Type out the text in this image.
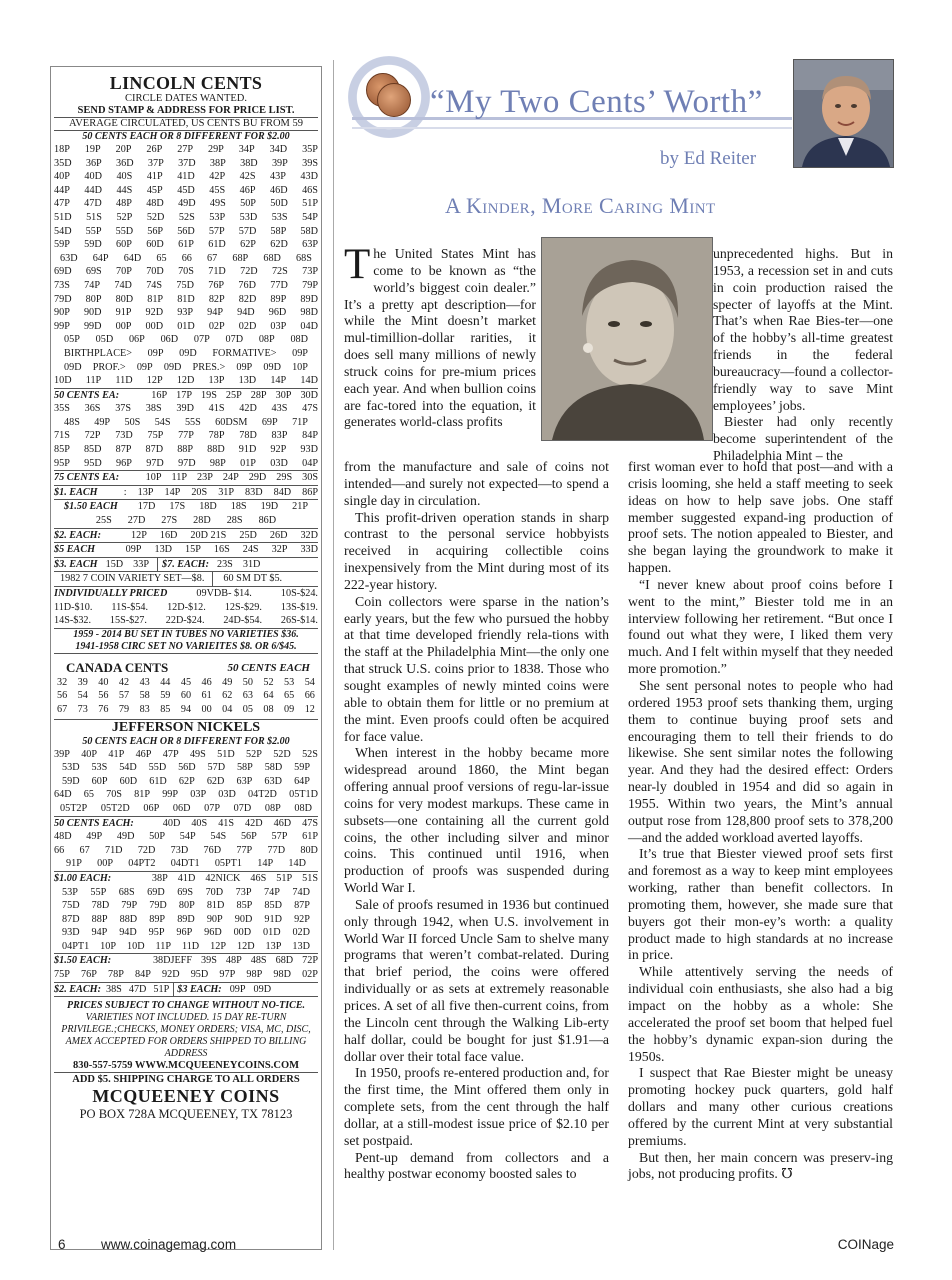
LINCOLN CENTS
CIRCLE DATES WANTED.
SEND STAMP & ADDRESS FOR PRICE LIST.
AVERAGE CIRCULATED, US CENTS BU FROM 59
50 CENTS EACH OR 8 DIFFERENT FOR $2.00
18P 19P 20P 26P 27P 29P 34P 34D 35P
35D 36P 36D 37P 37D 38P 38D 39P 39S
40P 40D 40S 41P 41D 42P 42S 43P 43D
44P 44D 44S 45P 45D 45S 46P 46D 46S
47P 47D 48P 48D 49D 49S 50P 50D 51P
51D 51S 52P 52D 52S 53P 53D 53S 54P
54D 55P 55D 56P 56D 57P 57D 58P 58D
59P 59D 60P 60D 61P 61D 62P 62D 63P
63D 64P 64D 65 66 67 68P 68D 68S
69D 69S 70P 70D 70S 71D 72D 72S 73P
73S 74P 74D 74S 75D 76P 76D 77D 79P
79D 80P 80D 81P 81D 82P 82D 89P 89D
90P 90D 91P 92D 93P 94P 94D 96D 98D
99P 99D 00P 00D 01D 02P 02D 03P 04D
05P 05D 06P 06D 07P 07D 08P 08D
BIRTHPLACE> 09P 09D FORMATIVE> 09P
09D PROF.> 09P 09D PRES.> 09P 09D 10P
10D 11P 11D 12P 12D 13P 13D 14P 14D
50 CENTS EA:	16P 17P 19S 25P 28P 30P 30D
35S 36S 37S 38S 39D 41S 42D 43S 47S
48S 49P 50S 54S 55S 60DSM 69P 71P
71S 72P 73D 75P 77P 78P 78D 83P 84P
85P 85D 87P 87D 88P 88D 91D 92P 93D
95P 95D 96P 97D 97D 98P 01P 03D 04P
75 CENTS EA:	10P 11P 23P 24P 29D 29S 30S
$1. EACH	: 13P 14P 20S 31P 83D 84D 86P
$1.50 EACH 17D 17S 18D 18S 19D 21P
25S 27D 27S 28D 28S 86D
$2. EACH:	12P 16D 20D 21S 25D 26D 32D
$5 EACH	09P 13D 15P 16S 24S 32P 33D
$3. EACH 15D 33P	$7. EACH: 23S 31D
1982 7 COIN VARIETY SET—$8.	60 SM DT $5.
INDIVIDUALLY PRICED	09VDB- $14.	10S-$24.
11D-$10. 11S-$54. 12D-$12. 12S-$29. 13S-$19.
14S-$32. 15S-$27. 22D-$24. 24D-$54. 26S-$14.
1959 - 2014 BU SET IN TUBES NO VARIETIES $36.
1941-1958 CIRC SET NO VARIEITES $8. OR 6/$45.
CANADA CENTS	50 CENTS EACH
32 39 40 42 43 44 45 46 49 50 52 53 54
56 54 56 57 58 59 60 61 62 63 64 65 66
67 73 76 79 83 85 94 00 04 05 08 09 12
JEFFERSON NICKELS
50 CENTS EACH OR 8 DIFFERENT FOR $2.00
39P 40P 41P 46P 47P 49S 51D 52P 52D 52S
53D 53S 54D 55D 56D 57D 58P 58D 59P
59D 60P 60D 61D 62P 62D 63P 63D 64P
64D 65 70S 81P 99P 03P 03D 04T2D 05T1D
05T2P 05T2D 06P 06D 07P 07D 08P 08D
50 CENTS EACH:	40D 40S 41S 42D 46D 47S
48D 49P 49D 50P 54P 54S 56P 57P 61P
66 67 71D 72D 73D 76D 77P 77D 80D
91P 00P 04PT2 04DT1 05PT1 14P 14D
$1.00 EACH:	38P 41D 42NICK 46S 51P 51S
53P 55P 68S 69D 69S 70D 73P 74P 74D
75D 78D 79P 79D 80P 81D 85P 85D 87P
87D 88P 88D 89P 89D 90P 90D 91D 92P
93D 94P 94D 95P 96P 96D 00D 01D 02D
04PT1 10P 10D 11P 11D 12P 12D 13P 13D
$1.50 EACH:	38DJEFF 39S 48P 48S 68D 72P
75P 76P 78P 84P 92D 95D 97P 98P 98D 02P
$2. EACH: 38S 47D 51P $3 EACH: 09P 09D
PRICES SUBJECT TO CHANGE WITHOUT NO-TICE. VARIETIES NOT INCLUDED. 15 DAY RE-TURN PRIVILEGE.;CHECKS, MONEY ORDERS; VISA, MC, DISC, AMEX ACCEPTED FOR ORDERS SHIPPED TO BILLING ADDRESS
830-557-5759 WWW.MCQUEENEYCOINS.COM
ADD $5. SHIPPING CHARGE TO ALL ORDERS
MCQUEENEY COINS
PO BOX 728A MCQUEENEY, TX 78123
“My Two Cents’ Worth”
by Ed Reiter
A Kinder, More Caring Mint

The United States Mint has come to be known as “the world’s biggest coin dealer.” It’s a pretty apt description—for while the Mint doesn’t market mul-timillion-dollar rarities, it does sell many millions of newly struck coins for pre-mium prices each year. And when bullion coins are fac-tored into the equation, it generates world-class profits

from the manufacture and sale of coins not intended—and surely not expected—to spend a single day in circulation.

This profit-driven operation stands in sharp contrast to the personal service hobbyists received in acquiring collectible coins inexpensively from the Mint during most of its 222-year history.

Coin collectors were sparse in the nation’s early years, but the few who pursued the hobby at that time developed friendly rela-tions with the staff at the Philadelphia Mint—the only one that struck U.S. coins prior to 1838. Those who sought examples of newly minted coins were able to obtain them for little or no premium at the mint. Even proofs could often be acquired for face value.

When interest in the hobby became more widespread around 1860, the Mint began offering annual proof versions of regu-lar-issue coins for very modest markups. These came in subsets—one containing all the current gold coins, the other including silver and minor coins. This continued until 1916, when production of proofs was suspended during World War I.

Sale of proofs resumed in 1936 but continued only through 1942, when U.S. involvement in World War II forced Uncle Sam to shelve many programs that weren’t combat-related. During that brief period, the coins were offered individually or as sets at extremely reasonable prices. A set of all five then-current coins, from the Lincoln cent through the Walking Lib-erty half dollar, could be bought for just $1.91—a dollar over their total face value.

In 1950, proofs re-entered production and, for the first time, the Mint offered them only in complete sets, from the cent through the half dollar, at a still-modest issue price of $2.10 per set postpaid.

Pent-up demand from collectors and a healthy postwar economy boosted sales to

unprecedented highs. But in 1953, a recession set in and cuts in coin production raised the specter of layoffs at the Mint. That’s when Rae Bies-ter—one of the hobby’s all-time greatest friends in the federal bureaucracy—found a collector-friendly way to save Mint employees’ jobs.

Biester had only recently become superintendent of the Philadelphia Mint – the

first woman ever to hold that post—and with a crisis looming, she held a staff meeting to seek ideas on how to help save jobs. One staff member suggested expand-ing production of proof sets. The notion appealed to Biester, and she began laying the groundwork to make it happen.

“I never knew about proof coins before I went to the mint,” Biester told me in an interview following her retirement. “But once I found out what they were, I liked them very much. And I felt within myself that they needed more promotion.”

She sent personal notes to people who had ordered 1953 proof sets thanking them, urging them to continue buying proof sets and encouraging them to tell their friends to do likewise. She sent similar notes the following year. And they had the desired effect: Orders near-ly doubled in 1954 and did so again in 1955. Within two years, the Mint’s annual output rose from 128,800 proof sets to 378,200—and the added workload averted layoffs.

It’s true that Biester viewed proof sets first and foremost as a way to keep mint employees working, rather than benefit collectors. In promoting them, however, she made sure that buyers got their mon-ey’s worth: a quality product made to high standards at no increase in price.

While attentively serving the needs of individual coin enthusiasts, she also had a big impact on the hobby as a whole: She accelerated the proof set boom that helped fuel the hobby’s dynamic expan-sion during the 1950s.

I suspect that Rae Biester might be uneasy promoting hockey puck quarters, gold half dollars and many other curious creations offered by the current Mint at very substantial premiums.

But then, her main concern was preserv-ing jobs, not producing profits. ℧

6	www.coinagemag.com	COINage
